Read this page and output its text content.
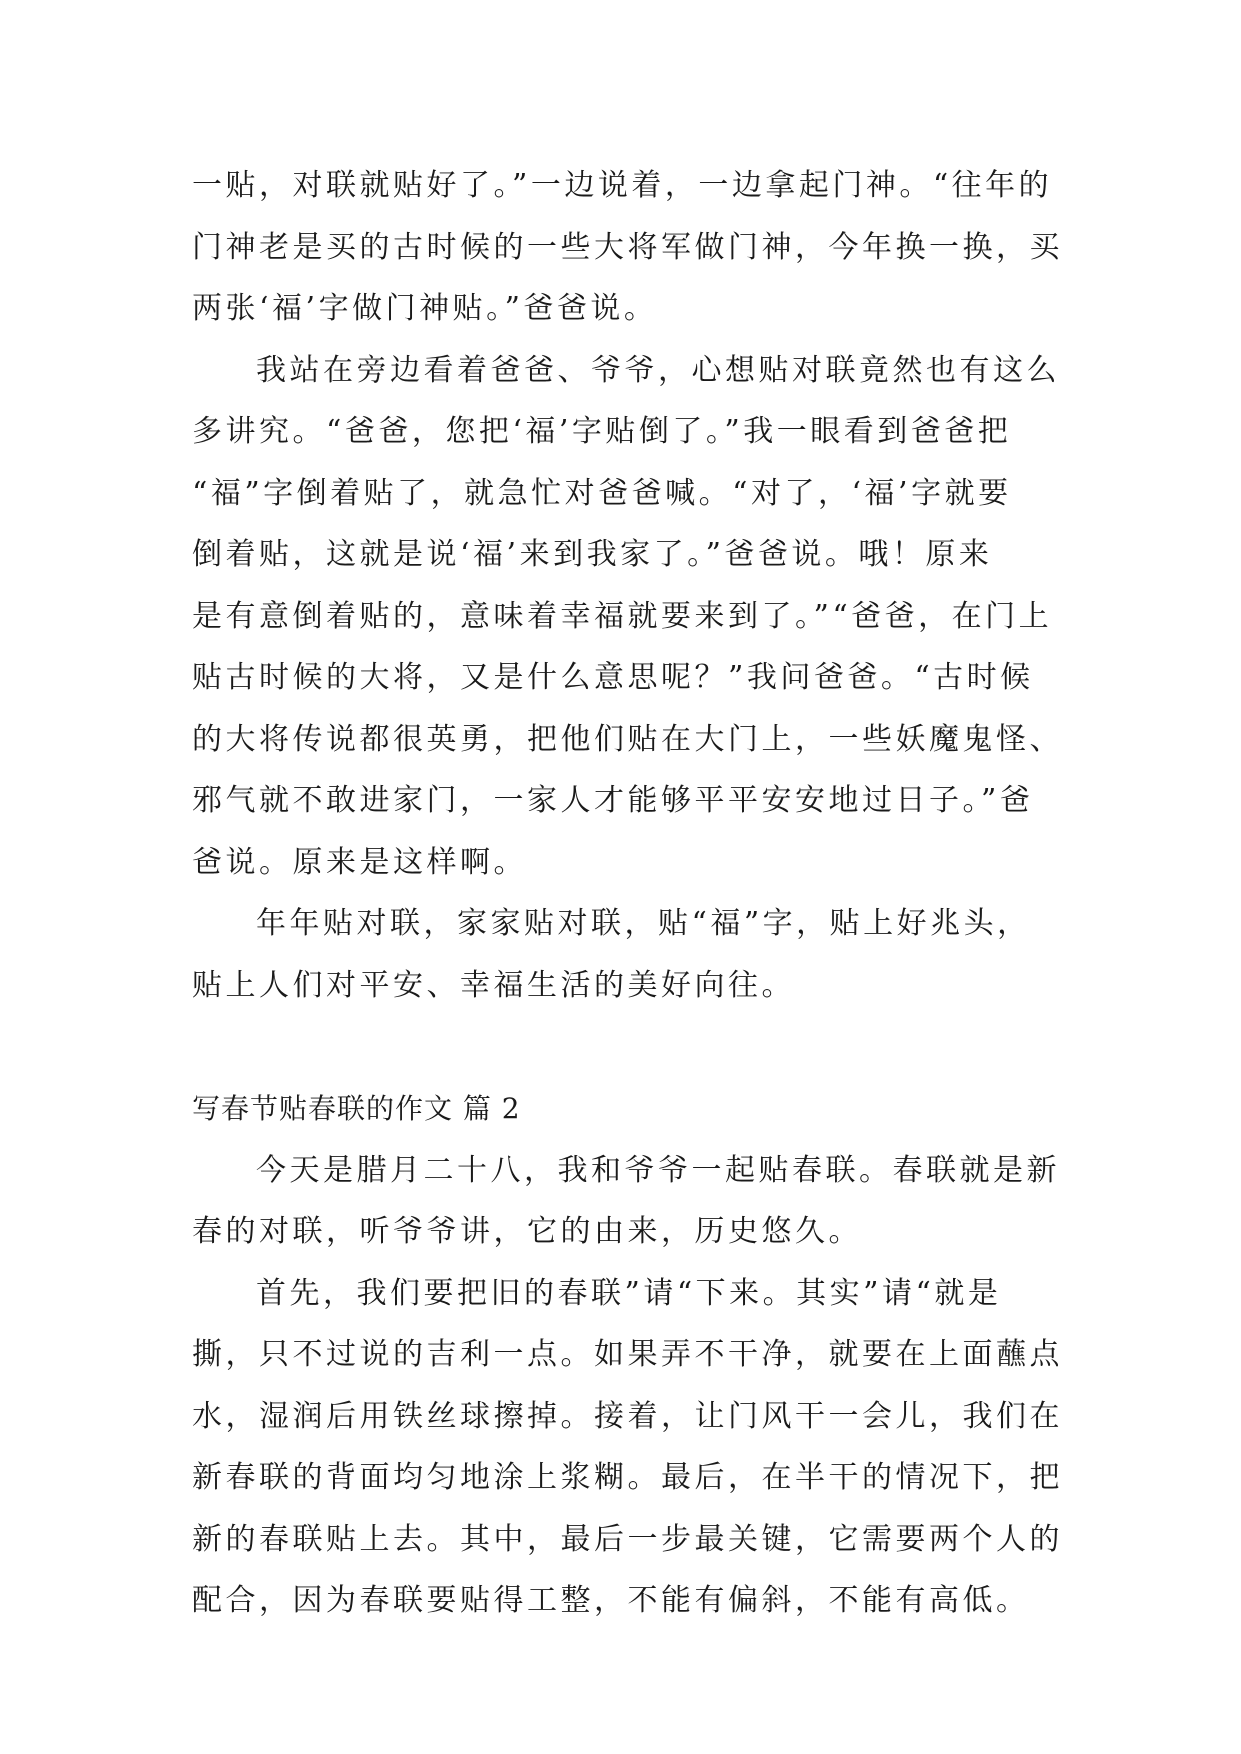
一贴，对联就贴好了。”一边说着，一边拿起门神。“往年的
门神老是买的古时候的一些大将军做门神，今年换一换，买
两张‘福’字做门神贴。”爸爸说。
我站在旁边看着爸爸、爷爷，心想贴对联竟然也有这么
多讲究。“爸爸，您把‘福’字贴倒了。”我一眼看到爸爸把
“福”字倒着贴了，就急忙对爸爸喊。“对了，‘福’字就要
倒着贴，这就是说‘福’来到我家了。”爸爸说。哦！原来
是有意倒着贴的，意味着幸福就要来到了。”“爸爸，在门上
贴古时候的大将，又是什么意思呢？”我问爸爸。“古时候
的大将传说都很英勇，把他们贴在大门上，一些妖魔鬼怪、
邪气就不敢进家门，一家人才能够平平安安地过日子。”爸
爸说。原来是这样啊。
年年贴对联，家家贴对联，贴“福”字，贴上好兆头，
贴上人们对平安、幸福生活的美好向往。
写春节贴春联的作文 篇 2
今天是腊月二十八，我和爷爷一起贴春联。春联就是新
春的对联，听爷爷讲，它的由来，历史悠久。
首先，我们要把旧的春联”请“下来。其实”请“就是
撕，只不过说的吉利一点。如果弄不干净，就要在上面蘸点
水，湿润后用铁丝球擦掉。接着，让门风干一会儿，我们在
新春联的背面均匀地涂上浆糊。最后，在半干的情况下，把
新的春联贴上去。其中，最后一步最关键，它需要两个人的
配合，因为春联要贴得工整，不能有偏斜，不能有高低。
